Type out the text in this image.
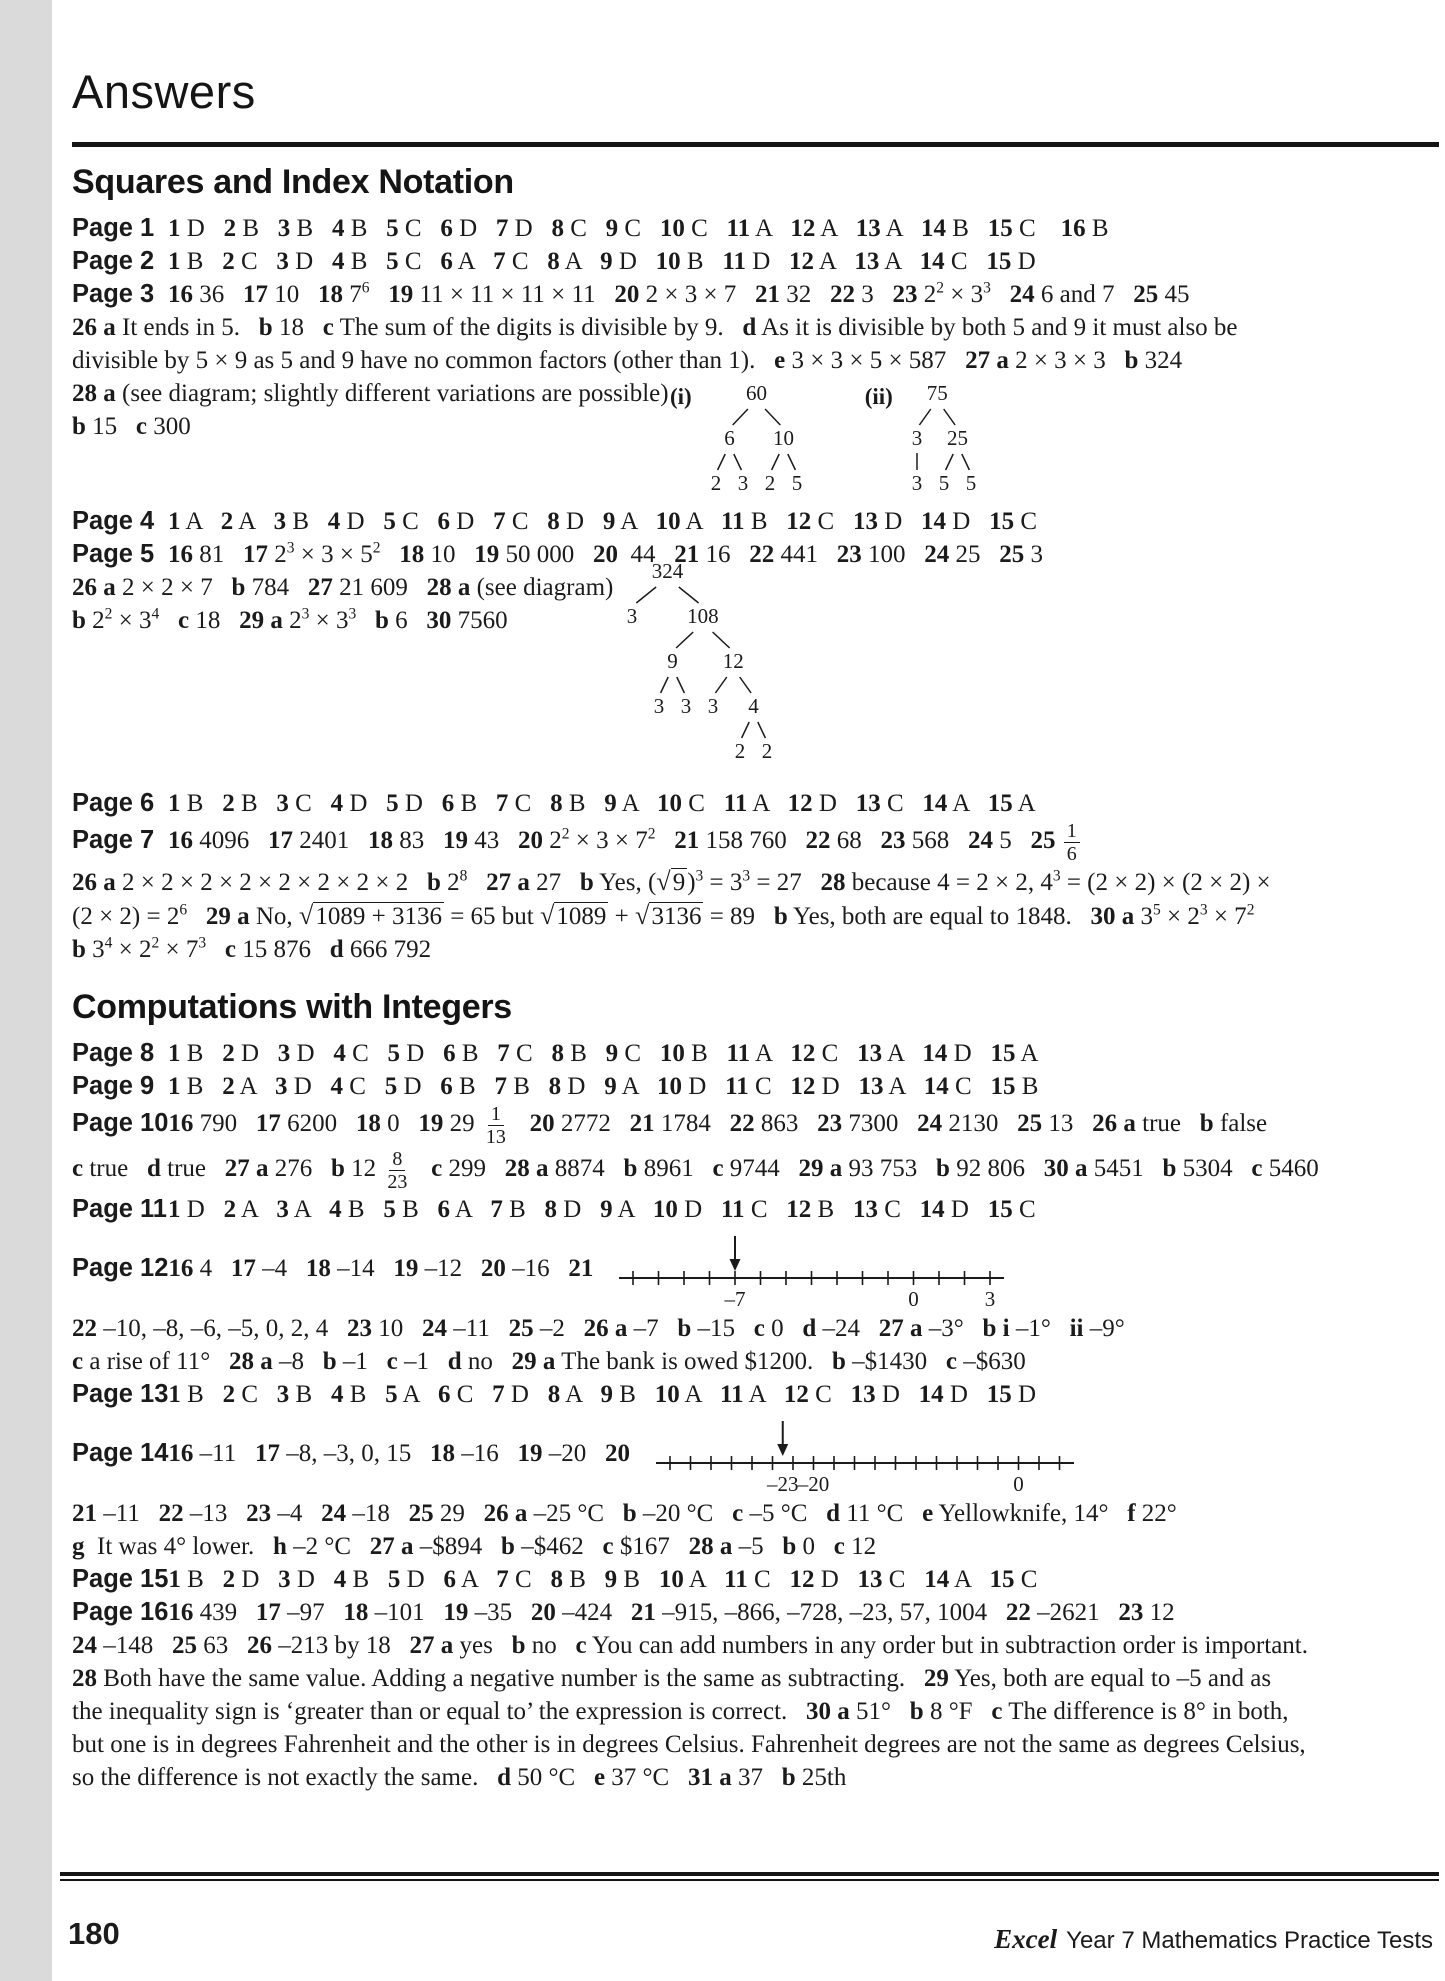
Answers
Squares and Index Notation
Page 1 1 D   2 B   3 B   4 B   5 C   6 D   7 D   8 C   9 C   10 C   11 A   12 A   13 A   14 B   15 C    16 B
Page 2 1 B   2 C   3 D   4 B   5 C   6 A   7 C   8 A   9 D   10 B   11 D   12 A   13 A   14 C   15 D
Page 3 16 36   17 10   18 $7^6$ 19 11 × 11 × 11 × 11   20 2 × 3 × 7   21 32   22 3   23 $2^2 \times 3^3$ 24 6 and 7   25 45
26 a It ends in 5.   b 18   c The sum of the digits is divisible by 9.   d As it is divisible by both 5 and 9 it must also be
divisible by 5 × 9 as 5 and 9 have no common factors (other than 1).   e 3 × 3 × 5 × 587   27 a 2 × 3 × 3   b 324
28 a (see diagram; slightly different variations are possible)
b 15   c 300
(i)
2 3
6
2 5
10
60	(ii)
3
3
5 5
25
75
Page 4 1 A   2 A   3 B   4 D   5 C   6 D   7 C   8 D   9 A   10 A   11 B   12 C   13 D   14 D   15 C
Page 5 16 81   17 $2^3 \times 3 \times 5^2$ 18 10   19 50 000   20  44   21 16   22 441   23 100   24 25   25 3
26 a 2 × 2 × 7   b 784   27 21 609   28 a (see diagram)
b $2^2 \times 3^4$ c 18   29 a $2^3 \times 3^3$ b 6   30 7560	3
3 3
9
3
2 2
4
12
108
324
Page 6 1 B   2 B   3 C   4 D   5 D   6 B   7 C   8 B   9 A   10 C   11 A   12 D   13 C   14 A   15 A
Page 7 16 4096   17 2401   18 83   19 43   20 $2^2 \times 3 \times 7^2$ 21 158 760   22 68   23 568   24 5   $25 \frac{1}{6}$
26 a 2 × 2 × 2 × 2 × 2 × 2 × 2 × 2   b $2^8$ 27 a 27   b Yes, $(√9)^3 = 3^3 = 27$   28 because 4 = 2 × 2, $4^3 = (2 \times 2) \times (2 \times 2)$ ×
$(2 \times 2) = 2^6$ 29 a No, √1089 + 3136 = 65 but √1089 + √3136 = 89   b Yes, both are equal to 1848.   30 a $3^5 \times 2^3 \times 7^2$
b $3^4 \times 2^2 \times 7^3$ c 15 876   d 666 792
Computations with Integers
Page 8 1 B   2 D   3 D   4 C   5 D   6 B   7 C   8 B   9 C   10 B   11 A   12 C   13 A   14 D   15 A
Page 9 1 B   2 A   3 D   4 C   5 D   6 B   7 B   8 D   9 A   10 D   11 C   12 D   13 A   14 C   15 B
Page 1016 790   17 6200   18 0   19 $29 \frac{1}{13} 20$ 2772   21 1784   22 863   23 7300   24 2130   25 13   26 a true   b false
c true   d true   27 a 276   b $12 \frac{8}{23}$ c 299   28 a 8874   b 8961   c 9744   29 a 93 753   b 92 806   30 a 5451   b 5304   c 5460
Page 111 D   2 A   3 A   4 B   5 B   6 A   7 B   8 D   9 A   10 D   11 C   12 B   13 C   14 D   15 C
Page 12 16 4   17 –4   18 –14   19 –12   20 –16   21
–7	0	3
22 –10, –8, –6, –5, 0, 2, 4   23 10   24 –11   25 –2   26 a –7   b –15   c 0   d –24   27 a –3°   b i –1°   ii –9°
c a rise of 11°   28 a –8   b –1   c –1   d no   29 a The bank is owed $1200.   b –$1430   c –$630
Page 131 B   2 C   3 B   4 B   5 A   6 C   7 D   8 A   9 B   10 A   11 A   12 C   13 D   14 D   15 D
Page 14 16 –11   17 –8, –3, 0, 15   18 –16   19 –20   20
–23 –20	0
21 –11   22 –13   23 –4   24 –18   25 29   26 a –25 °C   b –20 °C   c –5 °C   d 11 °C   e Yellowknife, 14°   f 22°
g  It was 4° lower.   h –2 °C   27 a –$894   b –$462   c $167   28 a –5   b 0   c 12
Page 151 B   2 D   3 D   4 B   5 D   6 A   7 C   8 B   9 B   10 A   11 C   12 D   13 C   14 A   15 C
Page 1616 439   17 –97   18 –101   19 –35   20 –424   21 –915, –866, –728, –23, 57, 1004   22 –2621   23 12
24 –148   25 63   26 –213 by 18   27 a yes   b no   c You can add numbers in any order but in subtraction order is important.
28 Both have the same value. Adding a negative number is the same as subtracting.   29 Yes, both are equal to –5 and as
the inequality sign is ‘greater than or equal to’ the expression is correct.   30 a 51°   b 8 °F   c The difference is 8° in both,
but one is in degrees Fahrenheit and the other is in degrees Celsius. Fahrenheit degrees are not the same as degrees Celsius,
so the difference is not exactly the same.   d 50 °C   e 37 °C   31 a 37   b 25th
180	Excel Year 7 Mathematics Practice Tests
